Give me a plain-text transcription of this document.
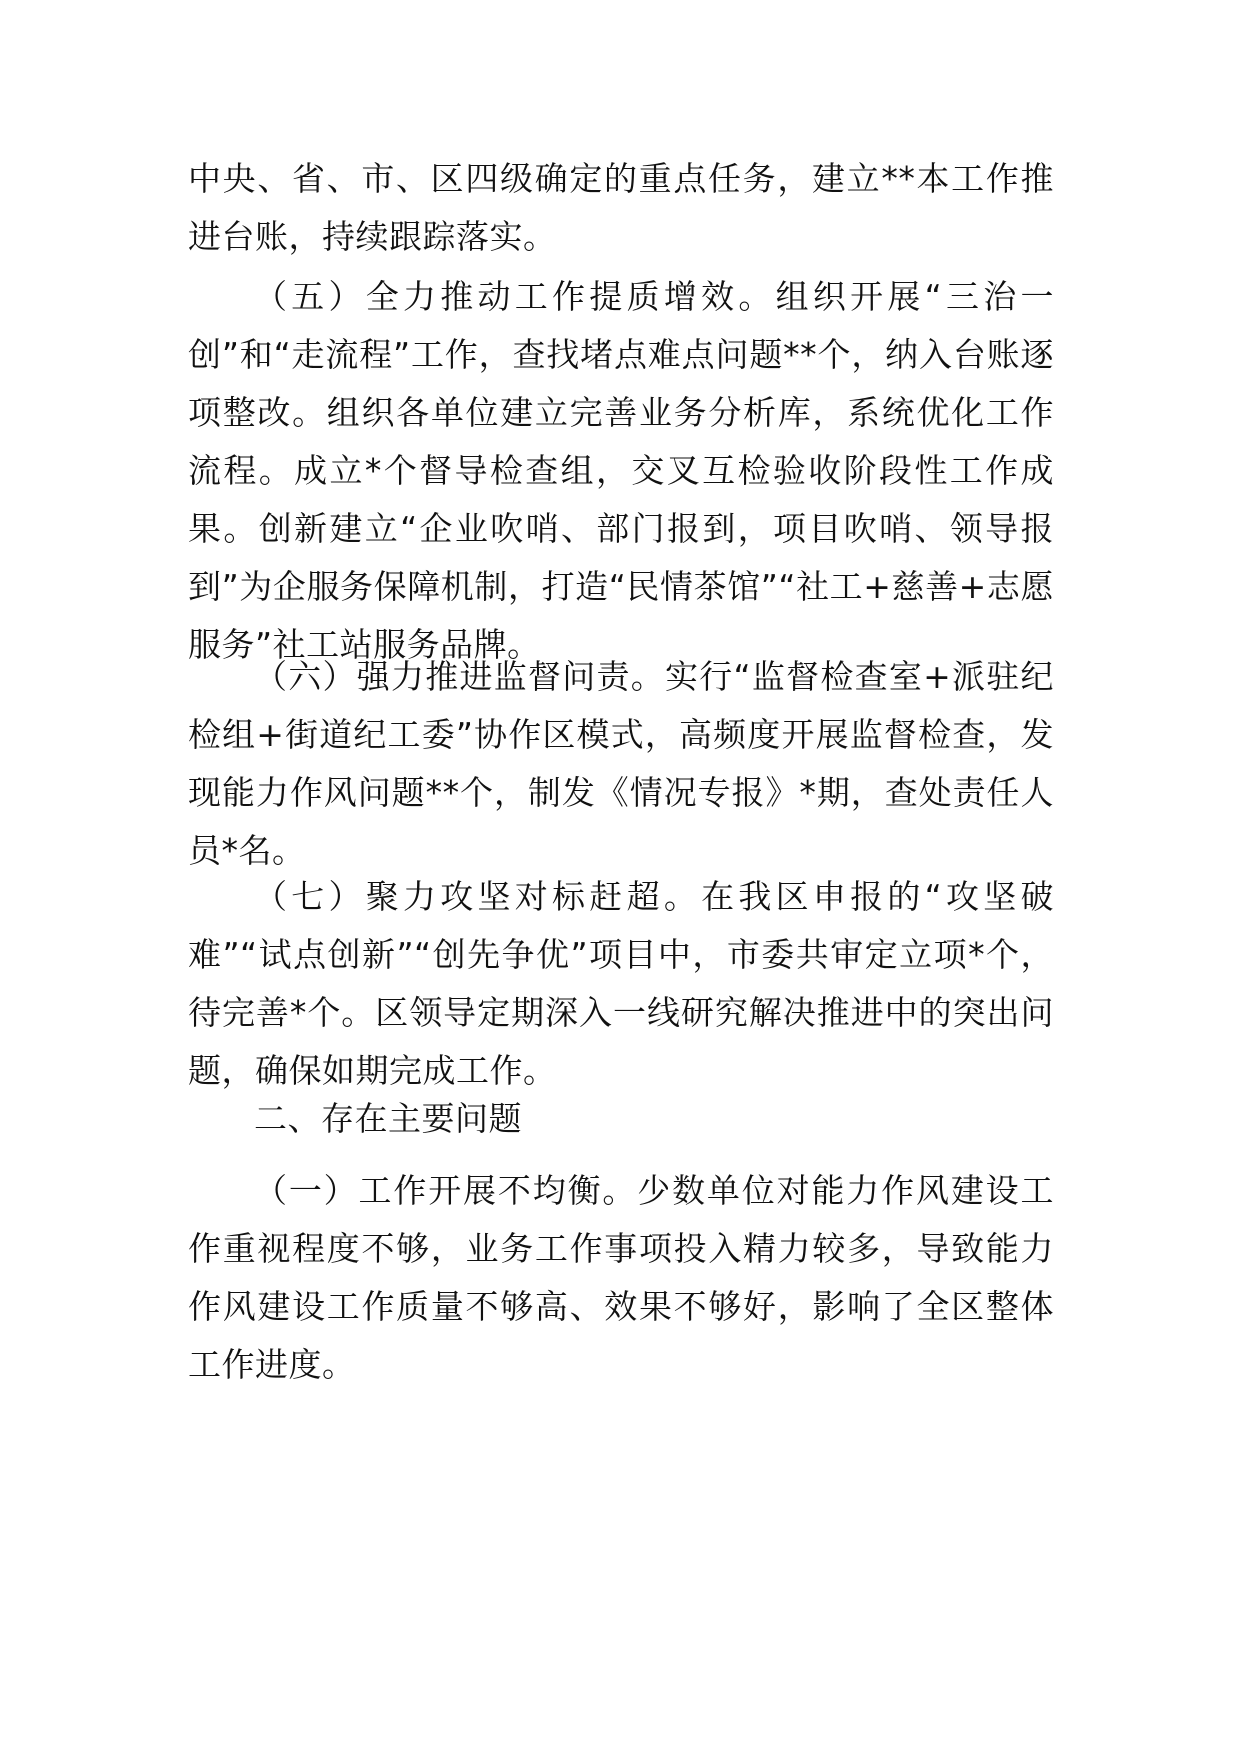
中央、省、市、区四级确定的重点任务，建立**本工作推进台账，持续跟踪落实。

（五）全力推动工作提质增效。组织开展“三治一创”和“走流程”工作，查找堵点难点问题**个，纳入台账逐项整改。组织各单位建立完善业务分析库，系统优化工作流程。成立*个督导检查组，交叉互检验收阶段性工作成果。创新建立“企业吹哨、部门报到，项目吹哨、领导报到”为企服务保障机制，打造“民情茶馆”“社工+慈善+志愿服务”社工站服务品牌。

（六）强力推进监督问责。实行“监督检查室+派驻纪检组+街道纪工委”协作区模式，高频度开展监督检查，发现能力作风问题**个，制发《情况专报》*期，查处责任人员*名。

（七）聚力攻坚对标赶超。在我区申报的“攻坚破难”“试点创新”“创先争优”项目中，市委共审定立项*个，待完善*个。区领导定期深入一线研究解决推进中的突出问题，确保如期完成工作。

二、存在主要问题

（一）工作开展不均衡。少数单位对能力作风建设工作重视程度不够，业务工作事项投入精力较多，导致能力作风建设工作质量不够高、效果不够好，影响了全区整体工作进度。
